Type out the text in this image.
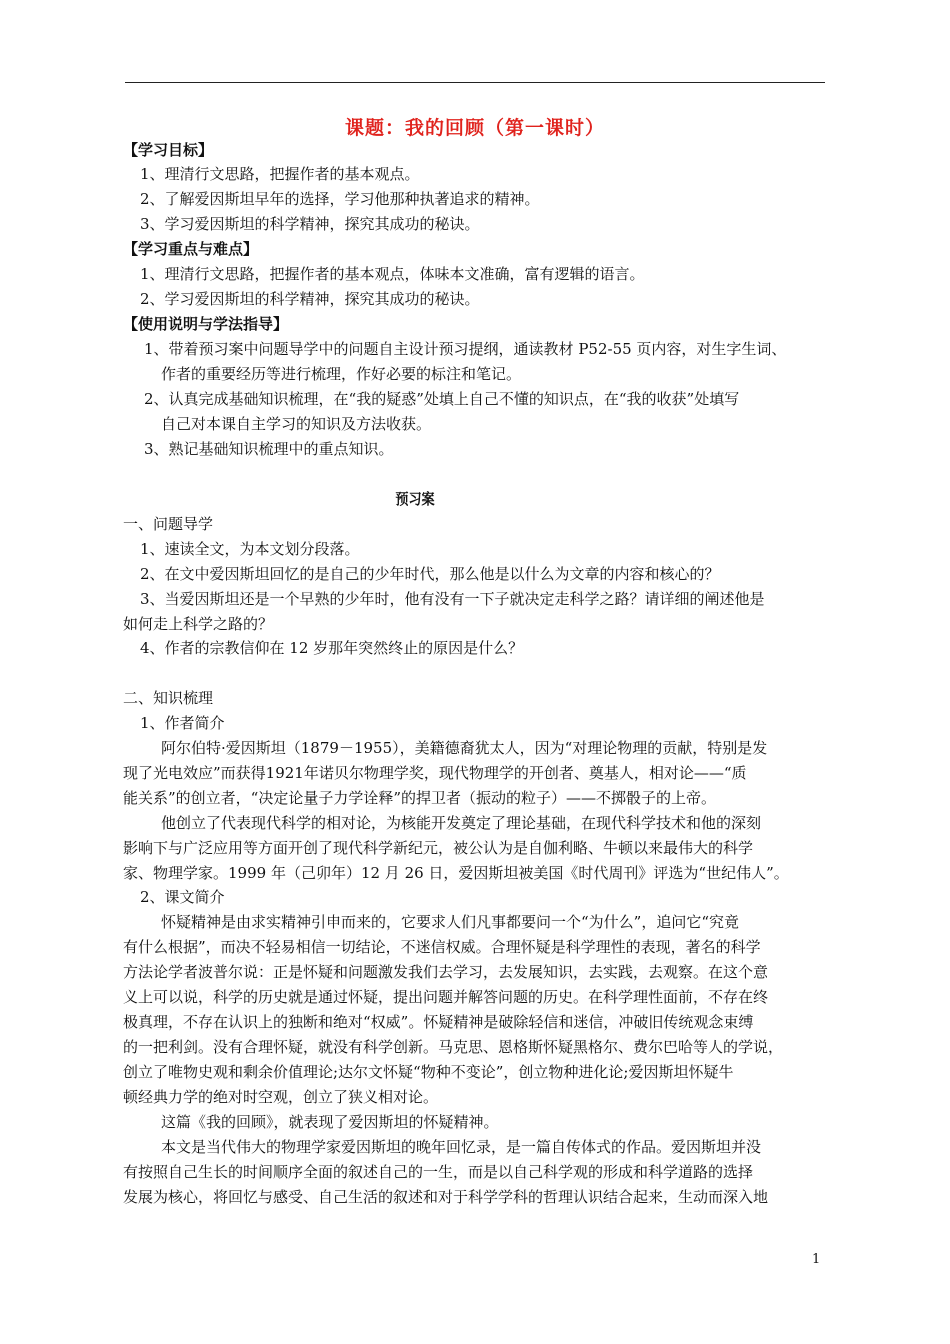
课题：我的回顾（第一课时）
【学习目标】
1、理清行文思路，把握作者的基本观点。
2、了解爱因斯坦早年的选择，学习他那种执著追求的精神。
3、学习爱因斯坦的科学精神，探究其成功的秘诀。
【学习重点与难点】
1、理清行文思路，把握作者的基本观点，体味本文准确，富有逻辑的语言。
2、学习爱因斯坦的科学精神，探究其成功的秘诀。
【使用说明与学法指导】
1、带着预习案中问题导学中的问题自主设计预习提纲，通读教材 P52-55 页内容，对生字生词、
作者的重要经历等进行梳理，作好必要的标注和笔记。
2、认真完成基础知识梳理，在“我的疑惑”处填上自己不懂的知识点，在“我的收获”处填写
自己对本课自主学习的知识及方法收获。
3、熟记基础知识梳理中的重点知识。
预习案
一、问题导学
1、速读全文，为本文划分段落。
2、在文中爱因斯坦回忆的是自己的少年时代，那么他是以什么为文章的内容和核心的？
3、当爱因斯坦还是一个早熟的少年时，他有没有一下子就决定走科学之路？请详细的阐述他是
如何走上科学之路的？
4、作者的宗教信仰在 12 岁那年突然终止的原因是什么？
二、知识梳理
1、作者简介
阿尔伯特·爱因斯坦（1879－1955），美籍德裔犹太人，因为“对理论物理的贡献，特别是发
现了光电效应”而获得1921年诺贝尔物理学奖，现代物理学的开创者、奠基人，相对论——“质
能关系”的创立者，“决定论量子力学诠释”的捍卫者（振动的粒子）——不掷骰子的上帝。
他创立了代表现代科学的相对论，为核能开发奠定了理论基础，在现代科学技术和他的深刻
影响下与广泛应用等方面开创了现代科学新纪元，被公认为是自伽利略、牛顿以来最伟大的科学
家、物理学家。1999 年（己卯年）12 月 26 日，爱因斯坦被美国《时代周刊》评选为“世纪伟人”。
2、课文简介
怀疑精神是由求实精神引申而来的，它要求人们凡事都要问一个“为什么”，追问它“究竟
有什么根据”，而决不轻易相信一切结论，不迷信权威。合理怀疑是科学理性的表现，著名的科学
方法论学者波普尔说：正是怀疑和问题激发我们去学习，去发展知识，去实践，去观察。在这个意
义上可以说，科学的历史就是通过怀疑，提出问题并解答问题的历史。在科学理性面前，不存在终
极真理，不存在认识上的独断和绝对“权威”。怀疑精神是破除轻信和迷信，冲破旧传统观念束缚
的一把利剑。没有合理怀疑，就没有科学创新。马克思、恩格斯怀疑黑格尔、费尔巴哈等人的学说，
创立了唯物史观和剩余价值理论;达尔文怀疑“物种不变论”，创立物种进化论;爱因斯坦怀疑牛
顿经典力学的绝对时空观，创立了狭义相对论。
这篇《我的回顾》，就表现了爱因斯坦的怀疑精神。
本文是当代伟大的物理学家爱因斯坦的晚年回忆录，是一篇自传体式的作品。爱因斯坦并没
有按照自己生长的时间顺序全面的叙述自己的一生，而是以自己科学观的形成和科学道路的选择
发展为核心，将回忆与感受、自己生活的叙述和对于科学学科的哲理认识结合起来，生动而深入地
1
